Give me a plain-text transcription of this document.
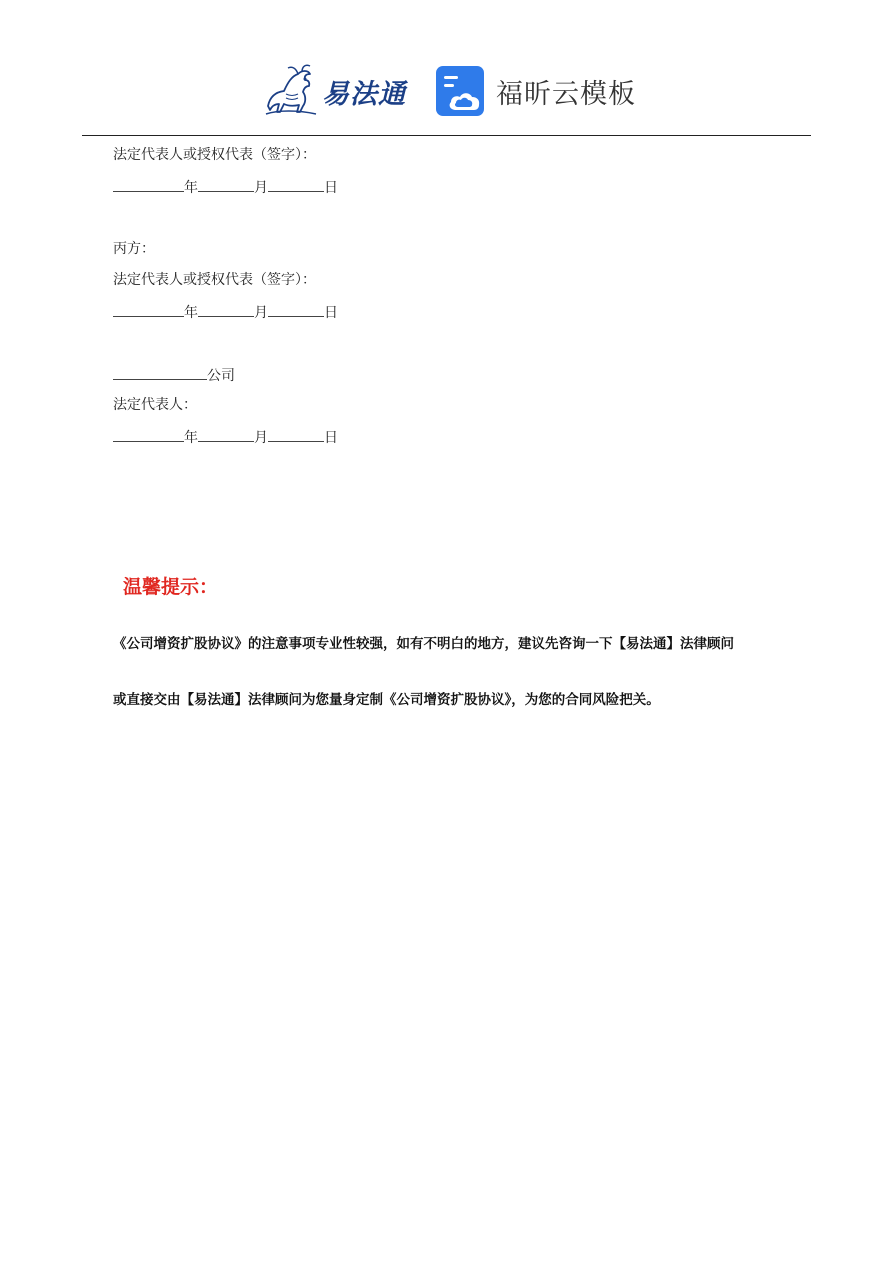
易法通	福昕云模板
法定代表人或授权代表（签字）：
年	月	日
丙方：
法定代表人或授权代表（签字）：
年	月	日
公司
法定代表人：
年	月	日
温馨提示：
《公司增资扩股协议》的注意事项专业性较强，如有不明白的地方，建议先咨询一下【易法通】法律顾问
或直接交由【易法通】法律顾问为您量身定制《公司增资扩股协议》，为您的合同风险把关。
